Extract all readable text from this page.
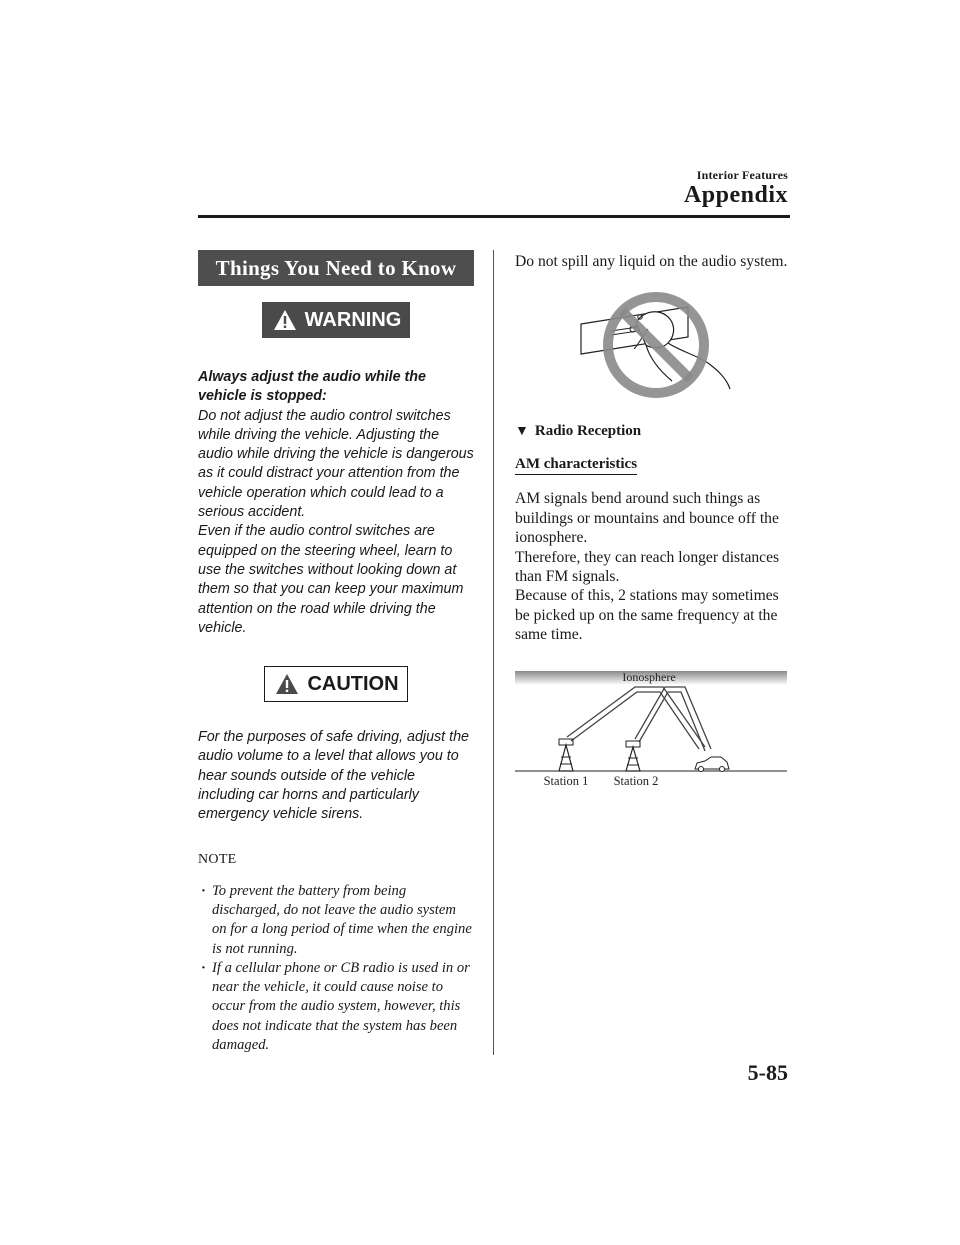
Interior Features
Appendix
Things You Need to Know
WARNING
Always adjust the audio while the vehicle is stopped:
Do not adjust the audio control switches while driving the vehicle. Adjusting the audio while driving the vehicle is dangerous as it could distract your attention from the vehicle operation which could lead to a serious accident.
Even if the audio control switches are equipped on the steering wheel, learn to use the switches without looking down at them so that you can keep your maximum attention on the road while driving the vehicle.
CAUTION
For the purposes of safe driving, adjust the audio volume to a level that allows you to hear sounds outside of the vehicle including car horns and particularly emergency vehicle sirens.
NOTE
· To prevent the battery from being discharged, do not leave the audio system on for a long period of time when the engine is not running.
· If a cellular phone or CB radio is used in or near the vehicle, it could cause noise to occur from the audio system, however, this does not indicate that the system has been damaged.
Do not spill any liquid on the audio system.
▼ Radio Reception
AM characteristics
AM signals bend around such things as buildings or mountains and bounce off the ionosphere.
Therefore, they can reach longer distances than FM signals.
Because of this, 2 stations may sometimes be picked up on the same frequency at the same time.
Ionosphere
Station 1 Station 2
5-85
